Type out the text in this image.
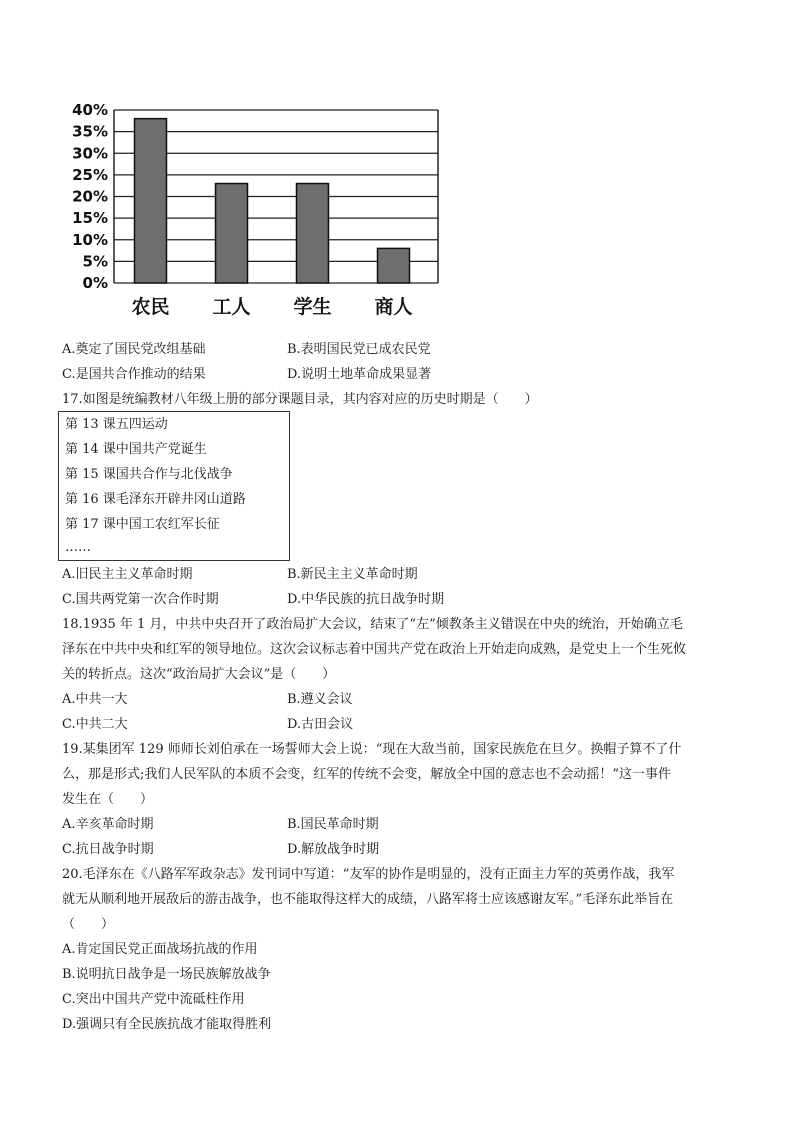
0%
5%
10%
15%
20%
25%
30%
35%
40%
农民 工人 学生 商人
A.奠定了国民党改组基础	B.表明国民党已成农民党
C.是国共合作推动的结果	D.说明土地革命成果显著
17.如图是统编教材八年级上册的部分课题目录，其内容对应的历史时期是（　　）
第 13 课五四运动
第 14 课中国共产党诞生
第 15 课国共合作与北伐战争
第 16 课毛泽东开辟井冈山道路
第 17 课中国工农红军长征
……
A.旧民主主义革命时期	B.新民主主义革命时期
C.国共两党第一次合作时期	D.中华民族的抗日战争时期
18.1935 年 1 月，中共中央召开了政治局扩大会议，结束了“左”倾教条主义错误在中央的统治，开始确立毛
泽东在中共中央和红军的领导地位。这次会议标志着中国共产党在政治上开始走向成熟，是党史上一个生死攸
关的转折点。这次“政治局扩大会议”是（　　）
A.中共一大	B.遵义会议
C.中共二大	D.古田会议
19.某集团军 129 师师长刘伯承在一场誓师大会上说：“现在大敌当前，国家民族危在旦夕。换帽子算不了什
么，那是形式;我们人民军队的本质不会变，红军的传统不会变，解放全中国的意志也不会动摇！”这一事件
发生在（　　）
A.辛亥革命时期	B.国民革命时期
C.抗日战争时期	D.解放战争时期
20.毛泽东在《八路军军政杂志》发刊词中写道：“友军的协作是明显的，没有正面主力军的英勇作战，我军
就无从顺利地开展敌后的游击战争，也不能取得这样大的成绩，八路军将士应该感谢友军。”毛泽东此举旨在
（　　）
A.肯定国民党正面战场抗战的作用
B.说明抗日战争是一场民族解放战争
C.突出中国共产党中流砥柱作用
D.强调只有全民族抗战才能取得胜利
